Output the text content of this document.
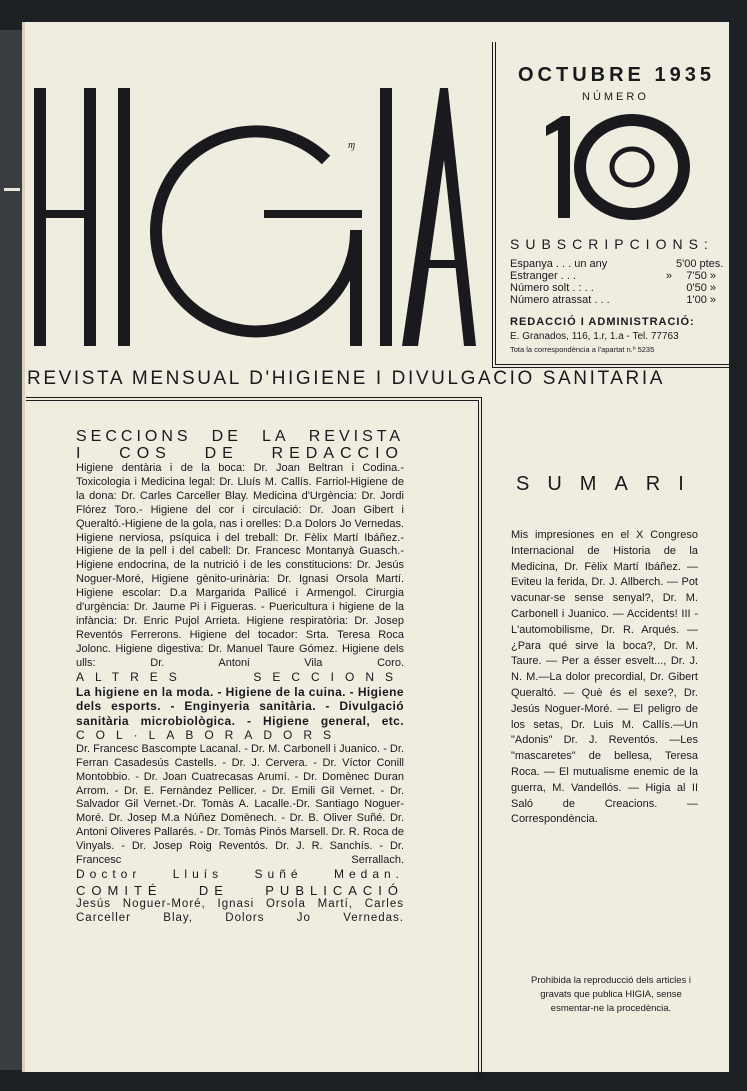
ɱ
OCTUBRE 1935
NÚMERO
SUBSCRIPCIONS:
Espanya . . . un any	5'00 ptes.
Estranger . . .	»	7'50 »
Número solt . : . .	0'50 »
Número atrassat . . .	1'00 »
REDACCIÓ I ADMINISTRACIÓ:
E. Granados, 116, 1.r, 1.a - Tel. 77763
Tota la correspondència a l'apartat n.º 5235
REVISTA MENSUAL D'HIGIENE I DIVULGACIO SANITARIA

SECCIONS DE LA REVISTA

I COS DE REDACCIO

Higiene dentària i de la boca: Dr. Joan Beltran i Codina.-Toxicologia i Medicina legal: Dr. Lluís M. Callís. Farriol-Higiene de la dona: Dr. Carles Carceller Blay. Medicina d'Urgència: Dr. Jordi Flórez Toro.- Higiene del cor i circulació: Dr. Joan Gibert i Queraltó.-Higiene de la gola, nas i orelles: D.a Dolors Jo Vernedas. Higiene nerviosa, psíquica i del treball: Dr. Fèlix Martí Ibáñez.-Higiene de la pell i del cabell: Dr. Francesc Montanyà Guasch.-Higiene endocrina, de la nutrició i de les constitucions: Dr. Jesús Noguer-Moré, Higiene gènito-urinària: Dr. Ignasi Orsola Martí. Higiene escolar: D.a Margarida Pallicé i Armengol. Cirurgia d'urgència: Dr. Jaume Pi i Figueras. - Puericultura i higiene de la infància: Dr. Enric Pujol Arrieta. Higiene respiratòria: Dr. Josep Reventós Ferrerons. Higiene del tocador: Srta. Teresa Roca Jolonc. Higiene digestiva: Dr. Manuel Taure Gómez. Higiene dels ulls: Dr. Antoni Vila Coro.

ALTRES SECCIONS

La higiene en la moda. - Higiene de la cuina. - Higiene dels esports. - Enginyeria sanitària. - Divulgació sanitària microbiològica. - Higiene general, etc.

COL·LABORADORS

Dr. Francesc Bascompte Lacanal. - Dr. M. Carbonell i Juanico. - Dr. Ferran Casadesús Castells. - Dr. J. Cervera. - Dr. Víctor Conill Montobbio. - Dr. Joan Cuatrecasas Arumí. - Dr. Domènec Duran Arrom. - Dr. E. Fernàndez Pellicer. - Dr. Emili Gil Vernet. - Dr. Salvador Gil Vernet.-Dr. Tomàs A. Lacalle.-Dr. Santiago Noguer-Moré. Dr. Josep M.a Núñez Domènech. - Dr. B. Oliver Suñé. Dr. Antoni Oliveres Pallarés. - Dr. Tomàs Pinós Marsell. Dr. R. Roca de Vinyals. - Dr. Josep Roig Reventós. Dr. J. R. Sanchís. - Dr. Francesc Serrallach.

Doctor Lluís Suñé Medan.

COMITÉ DE PUBLICACIÓ

Jesús Noguer-Moré, Ignasi Orsola Martí, Carles Carceller Blay, Dolors Jo Vernedas.

SUMARI
Mis impresiones en el X Congreso Internacional de Historia de la Medicina, Dr. Fèlix Martí Ibáñez. — Eviteu la ferida, Dr. J. Allberch. — Pot vacunar-se sense senyal?, Dr. M. Carbonell i Juanico. — Accidents! III - L'automobilisme, Dr. R. Arqués. — ¿Para qué sirve la boca?, Dr. M. Taure. — Per a ésser esvelt..., Dr. J. N. M.—La dolor precordial, Dr. Gibert Queraltó. — Què és el sexe?, Dr. Jesús Noguer-Moré. — El peligro de los setas, Dr. Luis M. Callís.—Un "Adonis" Dr. J. Reventós. —Les "mascaretes" de bellesa, Teresa Roca. — El mutualisme enemic de la guerra, M. Vandellós. — Higia al II Saló de Creacions. — Correspondència.
Prohibida la reproducció dels articles i gravats que publica HIGIA, sense esmentar-ne la procedència.
